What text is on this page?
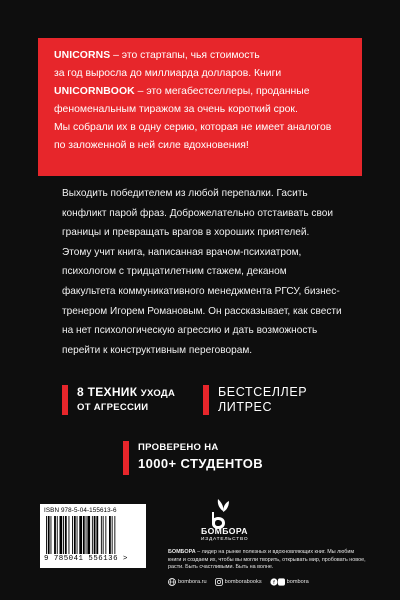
UNICORNS – это стартапы, чья стоимость

за год выросла до миллиарда долларов. Книги

UNICORNBOOK – это мегабестселлеры, проданные

феноменальным тиражом за очень короткий срок.

Мы собрали их в одну серию, которая не имеет аналогов

по заложенной в ней силе вдохновения!

Выходить победителем из любой перепалки. Гасить
конфликт парой фраз. Доброжелательно отстаивать свои
границы и превращать врагов в хороших приятелей.
Этому учит книга, написанная врачом-психиатром,
психологом с тридцатилетним стажем, деканом
факультета коммуникативного менеджмента РГСУ, бизнес-
тренером Игорем Романовым. Он рассказывает, как свести
на нет психологическую агрессию и дать возможность
перейти к конструктивным переговорам.
8 ТЕХНИК УХОДА
ОТ АГРЕССИИ
БЕСТСЕЛЛЕР
ЛИТРЕС
ПРОВЕРЕНО НА
1000+ СТУДЕНТОВ
ISBN 978-5-04-155613-6
9 785041 556136 >
БОМБОРА
ИЗДАТЕЛЬСТВО
БОМБОРА – лидер на рынке полезных и вдохновляющих книг. Мы любим книги и создаем их, чтобы вы могли творить, открывать мир, пробовать новое, расти. Быть счастливыми. Быть на волне.
bombora.ru	bomborabooks f bombora
